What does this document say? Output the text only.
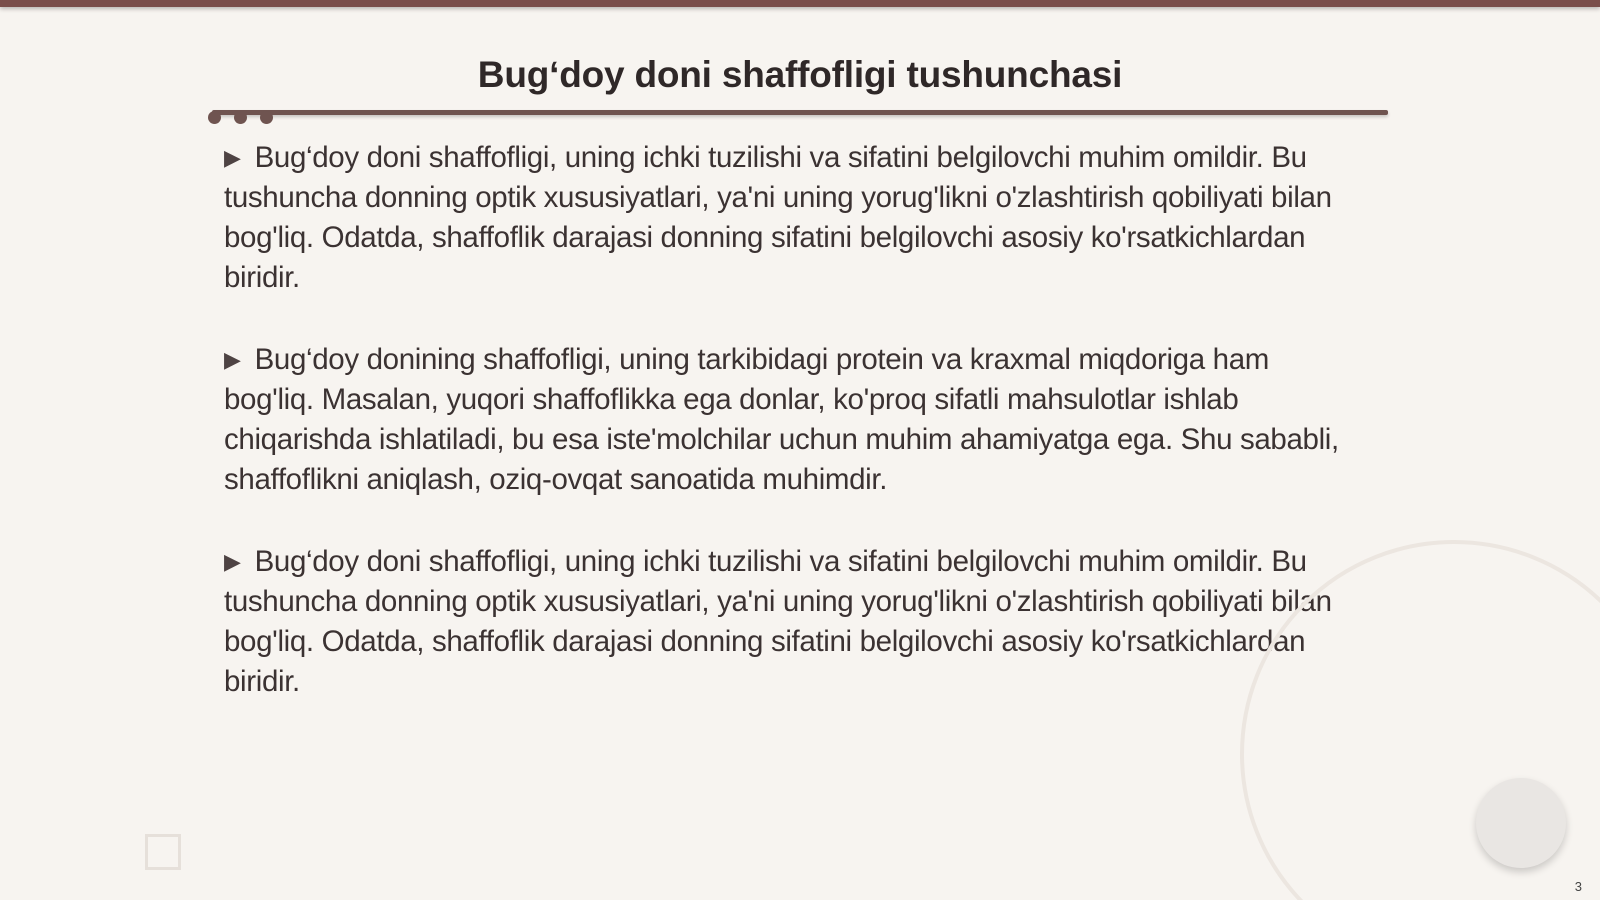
Bug‘doy doni shaffofligi tushunchasi

▶ Bug‘doy doni shaffofligi, uning ichki tuzilishi va sifatini belgilovchi muhim omildir. Bu tushuncha donning optik xususiyatlari, ya'ni uning yorug'likni o'zlashtirish qobiliyati bilan bog'liq. Odatda, shaffoflik darajasi donning sifatini belgilovchi asosiy ko'rsatkichlardan biridir.

▶ Bug‘doy donining shaffofligi, uning tarkibidagi protein va kraxmal miqdoriga ham bog'liq. Masalan, yuqori shaffoflikka ega donlar, ko'proq sifatli mahsulotlar ishlab chiqarishda ishlatiladi, bu esa iste'molchilar uchun muhim ahamiyatga ega. Shu sababli, shaffoflikni aniqlash, oziq-ovqat sanoatida muhimdir.

▶ Bug‘doy doni shaffofligi, uning ichki tuzilishi va sifatini belgilovchi muhim omildir. Bu tushuncha donning optik xususiyatlari, ya'ni uning yorug'likni o'zlashtirish qobiliyati bilan bog'liq. Odatda, shaffoflik darajasi donning sifatini belgilovchi asosiy ko'rsatkichlardan biridir.

3
